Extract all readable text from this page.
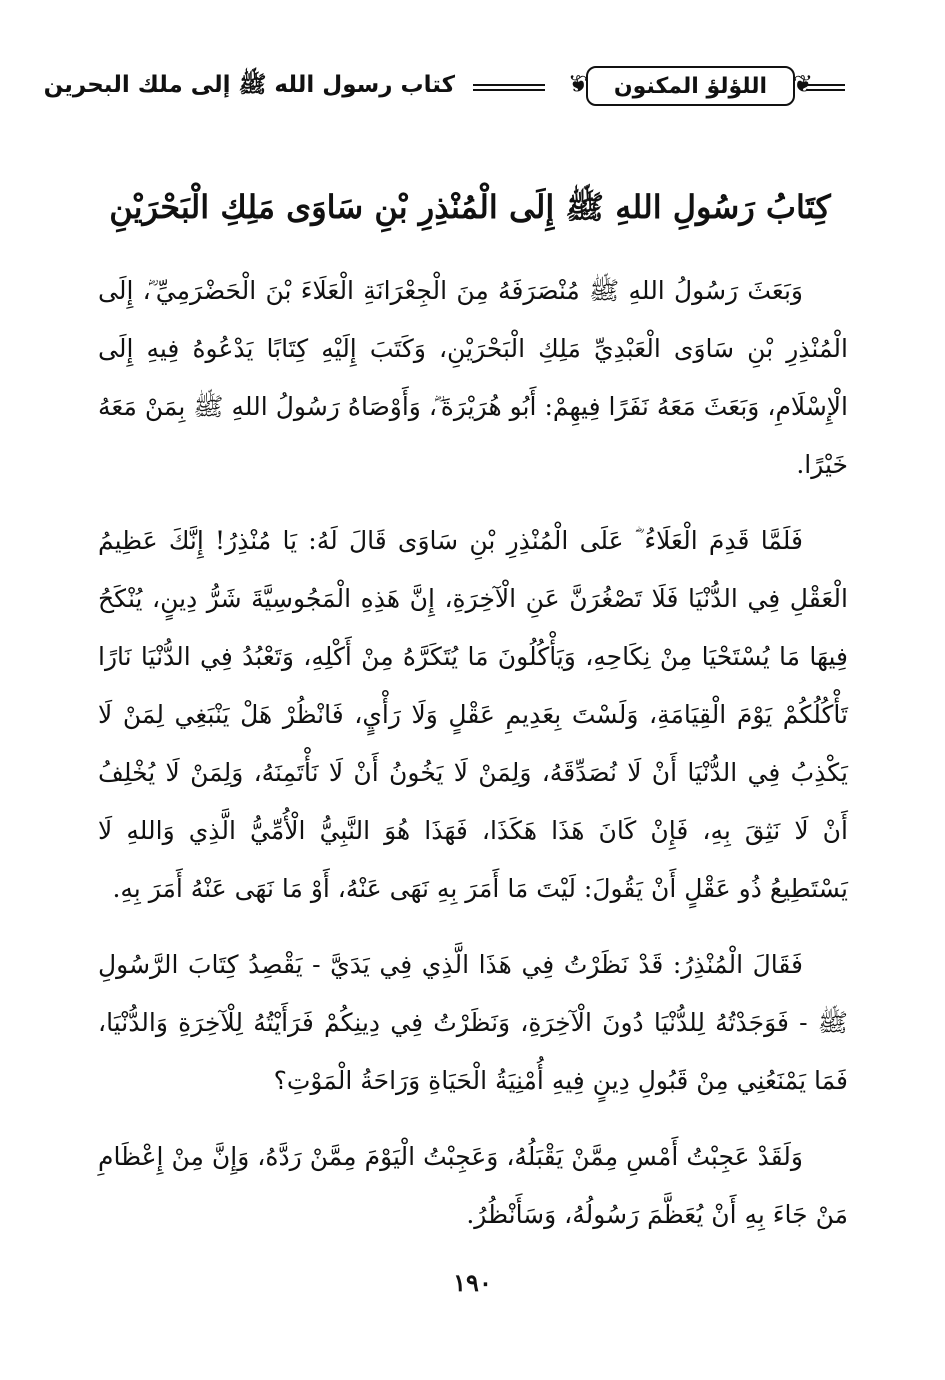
❦ اللؤلؤ المكنون
❦
كتاب رسول الله ﷺ إلى ملك البحرين
كِتَابُ رَسُولِ اللهِ ﷺ إِلَى الْمُنْذِرِ بْنِ سَاوَى مَلِكِ الْبَحْرَيْنِ

وَبَعَثَ رَسُولُ اللهِ ﷺ مُنْصَرَفَهُ مِنَ الْجِعْرَانَةِ الْعَلَاءَ بْنَ الْحَضْرَمِيِّ ؓ، إِلَى الْمُنْذِرِ بْنِ سَاوَى الْعَبْدِيِّ مَلِكِ الْبَحْرَيْنِ، وَكَتَبَ إِلَيْهِ كِتَابًا يَدْعُوهُ فِيهِ إِلَى الْإِسْلَامِ، وَبَعَثَ مَعَهُ نَفَرًا فِيهِمْ: أَبُو هُرَيْرَةَ ؓ، وَأَوْصَاهُ رَسُولُ اللهِ ﷺ بِمَنْ مَعَهُ خَيْرًا.

فَلَمَّا قَدِمَ الْعَلَاءُ ؓ عَلَى الْمُنْذِرِ بْنِ سَاوَى قَالَ لَهُ: يَا مُنْذِرُ! إِنَّكَ عَظِيمُ الْعَقْلِ فِي الدُّنْيَا فَلَا تَصْغُرَنَّ عَنِ الْآخِرَةِ، إِنَّ هَذِهِ الْمَجُوسِيَّةَ شَرُّ دِينٍ، يُنْكَحُ فِيهَا مَا يُسْتَحْيَا مِنْ نِكَاحِهِ، وَيَأْكُلُونَ مَا يُتَكَرَّهُ مِنْ أَكْلِهِ، وَتَعْبُدُ فِي الدُّنْيَا نَارًا تَأْكُلُكُمْ يَوْمَ الْقِيَامَةِ، وَلَسْتَ بِعَدِيمِ عَقْلٍ وَلَا رَأْيٍ، فَانْظُرْ هَلْ يَنْبَغِي لِمَنْ لَا يَكْذِبُ فِي الدُّنْيَا أَنْ لَا نُصَدِّقَهُ، وَلِمَنْ لَا يَخُونُ أَنْ لَا نَأْتَمِنَهُ، وَلِمَنْ لَا يُخْلِفُ أَنْ لَا نَثِقَ بِهِ، فَإِنْ كَانَ هَذَا هَكَذَا، فَهَذَا هُوَ النَّبِيُّ الْأُمِّيُّ الَّذِي وَاللهِ لَا يَسْتَطِيعُ ذُو عَقْلٍ أَنْ يَقُولَ: لَيْتَ مَا أَمَرَ بِهِ نَهَى عَنْهُ، أَوْ مَا نَهَى عَنْهُ أَمَرَ بِهِ.

فَقَالَ الْمُنْذِرُ: قَدْ نَظَرْتُ فِي هَذَا الَّذِي فِي يَدَيَّ - يَقْصِدُ كِتَابَ الرَّسُولِ ﷺ - فَوَجَدْتُهُ لِلدُّنْيَا دُونَ الْآخِرَةِ، وَنَظَرْتُ فِي دِينِكُمْ فَرَأَيْتُهُ لِلْآخِرَةِ وَالدُّنْيَا، فَمَا يَمْنَعُنِي مِنْ قَبُولِ دِينٍ فِيهِ أُمْنِيَةُ الْحَيَاةِ وَرَاحَةُ الْمَوْتِ؟

وَلَقَدْ عَجِبْتُ أَمْسِ مِمَّنْ يَقْبَلُهُ، وَعَجِبْتُ الْيَوْمَ مِمَّنْ رَدَّهُ، وَإِنَّ مِنْ إِعْظَامِ مَنْ جَاءَ بِهِ أَنْ يُعَظَّمَ رَسُولُهُ، وَسَأَنْظُرُ.

١٩٠
